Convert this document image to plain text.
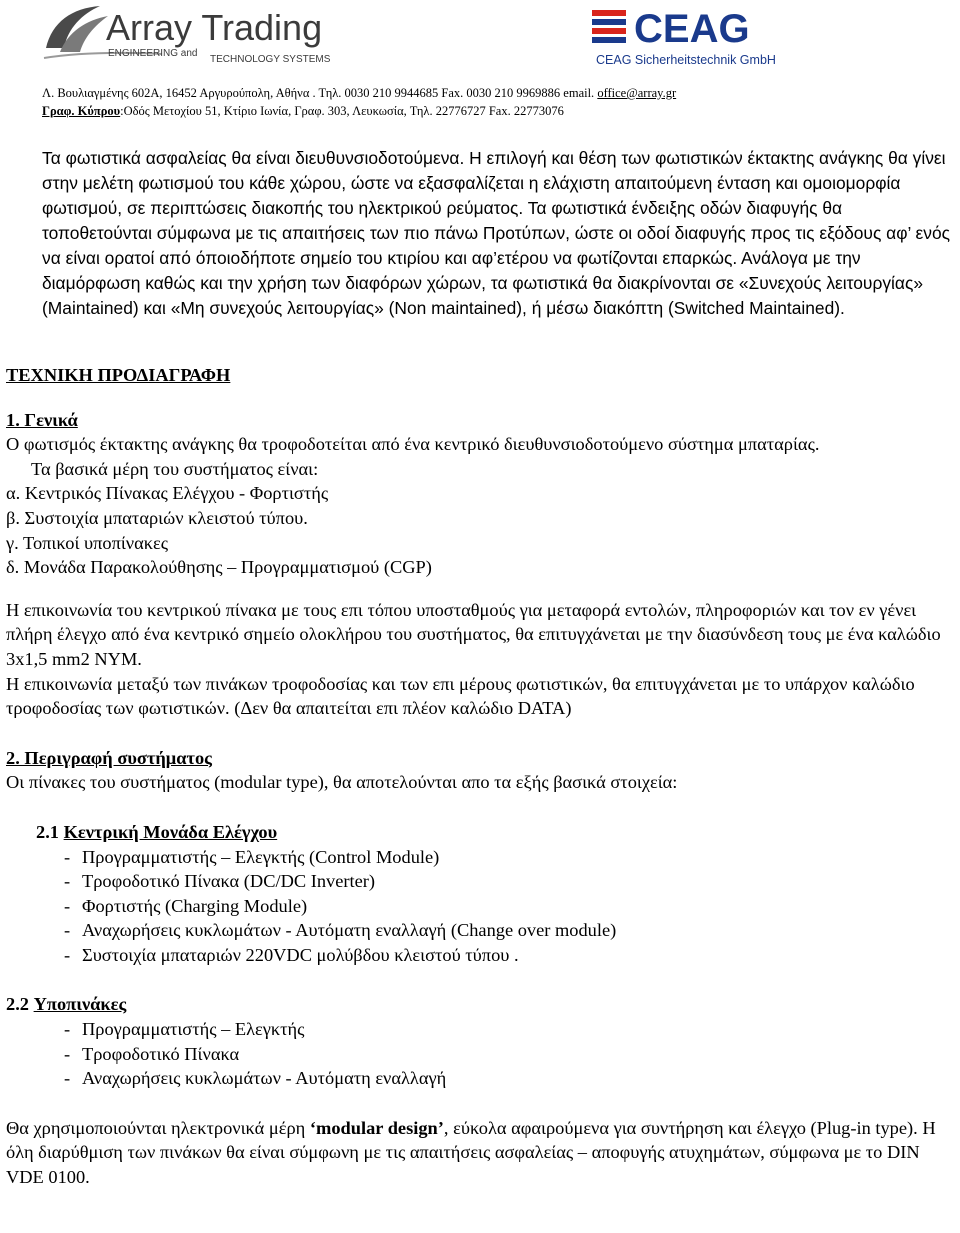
Array Trading
ENGINEERING and
TECHNOLOGY SYSTEMS
CEAG
CEAG Sicherheitstechnik GmbH
Λ. Βουλιαγμένης 602Α, 16452 Αργυρούπολη, Αθήνα . Τηλ. 0030 210 9944685 Fax. 0030 210 9969886 email. office@array.gr
Γραφ. Κύπρου:Οδός Μετοχίου 51, Κτίριο Ιωνία, Γραφ. 303, Λευκωσία, Τηλ. 22776727 Fax. 22773076
Τα φωτιστικά ασφαλείας θα είναι διευθυνσιοδοτούμενα. Η επιλογή και θέση των φωτιστικών έκτακτης ανάγκης θα γίνει στην μελέτη φωτισμού του κάθε χώρου, ώστε να εξασφαλίζεται η ελάχιστη απαιτούμενη ένταση και ομοιομορφία φωτισμού, σε περιπτώσεις διακοπής του ηλεκτρικού ρεύματος. Τα φωτιστικά ένδειξης οδών διαφυγής θα τοποθετούνται σύμφωνα με τις απαιτήσεις των πιο πάνω Προτύπων, ώστε οι οδοί διαφυγής προς τις εξόδους αφ’ ενός να είναι ορατοί από όποιοδήποτε σημείο του κτιρίου και αφ’ετέρου να φωτίζονται επαρκώς. Ανάλογα με την διαμόρφωση καθώς και την χρήση των διαφόρων χώρων, τα φωτιστικά θα διακρίνονται σε «Συνεχούς λειτουργίας» (Maintained) και «Μη συνεχούς λειτουργίας» (Non maintained), ή μέσω διακόπτη (Switched Maintained).

ΤΕΧΝΙΚΗ ΠΡΟΔΙΑΓΡΑΦΗ

1. Γενικά

Ο φωτισμός έκτακτης ανάγκης θα τροφοδοτείται από ένα κεντρικό διευθυνσιοδοτούμενο σύστημα μπαταρίας.

Τα βασικά μέρη του συστήματος είναι:

α. Κεντρικός Πίνακας Ελέγχου - Φορτιστής

β. Συστοιχία μπαταριών κλειστού τύπου.

γ. Τοπικοί υποπίνακες

δ. Μονάδα Παρακολούθησης – Προγραμματισμού (CGP)

Η επικοινωνία του κεντρικού πίνακα με τους επι τόπου υποσταθμούς για μεταφορά εντολών, πληροφοριών και τον εν γένει πλήρη έλεγχο από ένα κεντρικό σημείο ολοκλήρου του συστήματος, θα επιτυγχάνεται με την διασύνδεση τους με ένα καλώδιο 3x1,5 mm2 NYM.

Η επικοινωνία μεταξύ των πινάκων τροφοδοσίας και των επι μέρους φωτιστικών, θα επιτυγχάνεται με το υπάρχον καλώδιο τροφοδοσίας των φωτιστικών. (Δεν θα απαιτείται επι πλέον καλώδιο DATA)

2. Περιγραφή συστήματος

Οι πίνακες του συστήματος (modular type), θα αποτελούνται απο τα εξής βασικά στοιχεία:

2.1 Κεντρική Μονάδα Ελέγχου

- Προγραμματιστής – Ελεγκτής (Control Module)
- Τροφοδοτικό Πίνακα (DC/DC Inverter)
- Φορτιστής (Charging Module)
- Αναχωρήσεις κυκλωμάτων - Αυτόματη εναλλαγή (Change over module)
- Συστοιχία μπαταριών 220VDC μολύβδου κλειστού τύπου .

2.2 Υποπινάκες

- Προγραμματιστής – Ελεγκτής
- Τροφοδοτικό Πίνακα
- Αναχωρήσεις κυκλωμάτων - Αυτόματη εναλλαγή

Θα χρησιμοποιούνται ηλεκτρονικά μέρη ‘modular design’, εύκολα αφαιρούμενα για συντήρηση και έλεγχο (Plug-in type). Η όλη διαρύθμιση των πινάκων θα είναι σύμφωνη με τις απαιτήσεις ασφαλείας – αποφυγής ατυχημάτων, σύμφωνα με το DIN VDE 0100.
